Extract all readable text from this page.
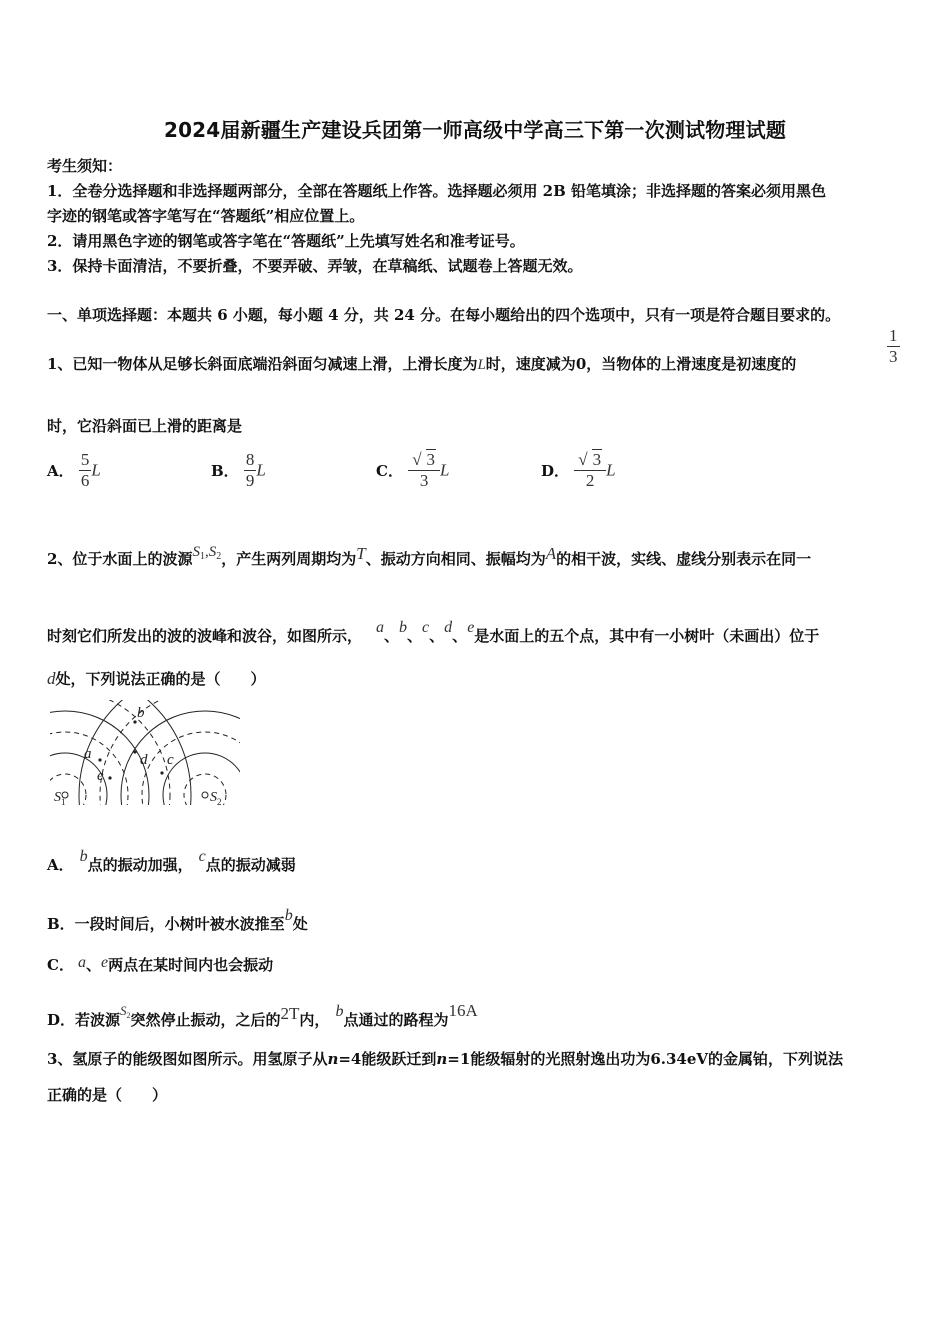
2024届新疆生产建设兵团第一师高级中学高三下第一次测试物理试题
考生须知：
1．全卷分选择题和非选择题两部分，全部在答题纸上作答。选择题必须用 2B 铅笔填涂；非选择题的答案必须用黑色
字迹的钢笔或答字笔写在“答题纸”相应位置上。
2．请用黑色字迹的钢笔或答字笔在“答题纸”上先填写姓名和准考证号。
3．保持卡面清洁，不要折叠，不要弄破、弄皱，在草稿纸、试题卷上答题无效。
一、单项选择题：本题共 6 小题，每小题 4 分，共 24 分。在每小题给出的四个选项中，只有一项是符合题目要求的。
1、已知一物体从足够长斜面底端沿斜面匀减速上滑，上滑长度为L时，速度减为0，当物体的上滑速度是初速度的	$\frac{1}{3}$
时，它沿斜面已上滑的距离是
A． $\frac{5}{6}$ L	B． $\frac{8}{9}$ L	C． $\frac{√ 3}{3}$ L	D． $\frac{√ 3}{2}$ L
2、位于水面上的波源$S_1,S_2$，产生两列周期均为T、振动方向相同、振幅均为A的相干波，实线、虚线分别表示在同一
时刻它们所发出的波的波峰和波谷，如图所示， a、b、c、d、e是水面上的五个点，其中有一小树叶（未画出）位于
d处，下列说法正确的是（　　）
b
a	d c
e
$S_1$	$S_2$
A． b点的振动加强， c点的振动减弱
B．一段时间后，小树叶被水波推至b处
C． a、e两点在某时间内也会振动
D．若波源$S_2$突然停止振动，之后的2T内， b点通过的路程为16A
3、氢原子的能级图如图所示。用氢原子从n=4能级跃迁到n=1能级辐射的光照射逸出功为6.34eV的金属铂，下列说法
正确的是（　　）
